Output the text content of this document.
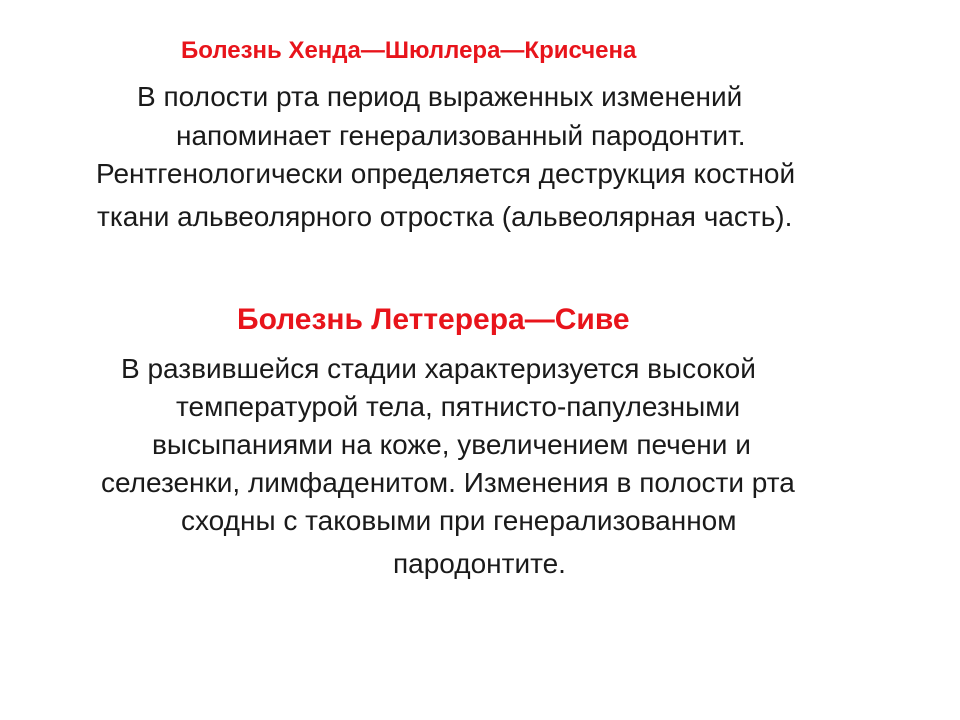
Болезнь Хенда—Шюллера—Крисчена
В полости рта период выраженных изменений
напоминает генерализованный пародонтит.
Рентгенологически определяется деструкция костной
ткани альвеолярного отростка (альвеолярная часть).
Болезнь Леттерера—Сиве
В развившейся стадии характеризуется высокой
температурой тела, пятнисто-папулезными
высыпаниями на коже, увеличением печени и
селезенки, лимфаденитом. Изменения в полости рта
сходны с таковыми при генерализованном
пародонтите.
